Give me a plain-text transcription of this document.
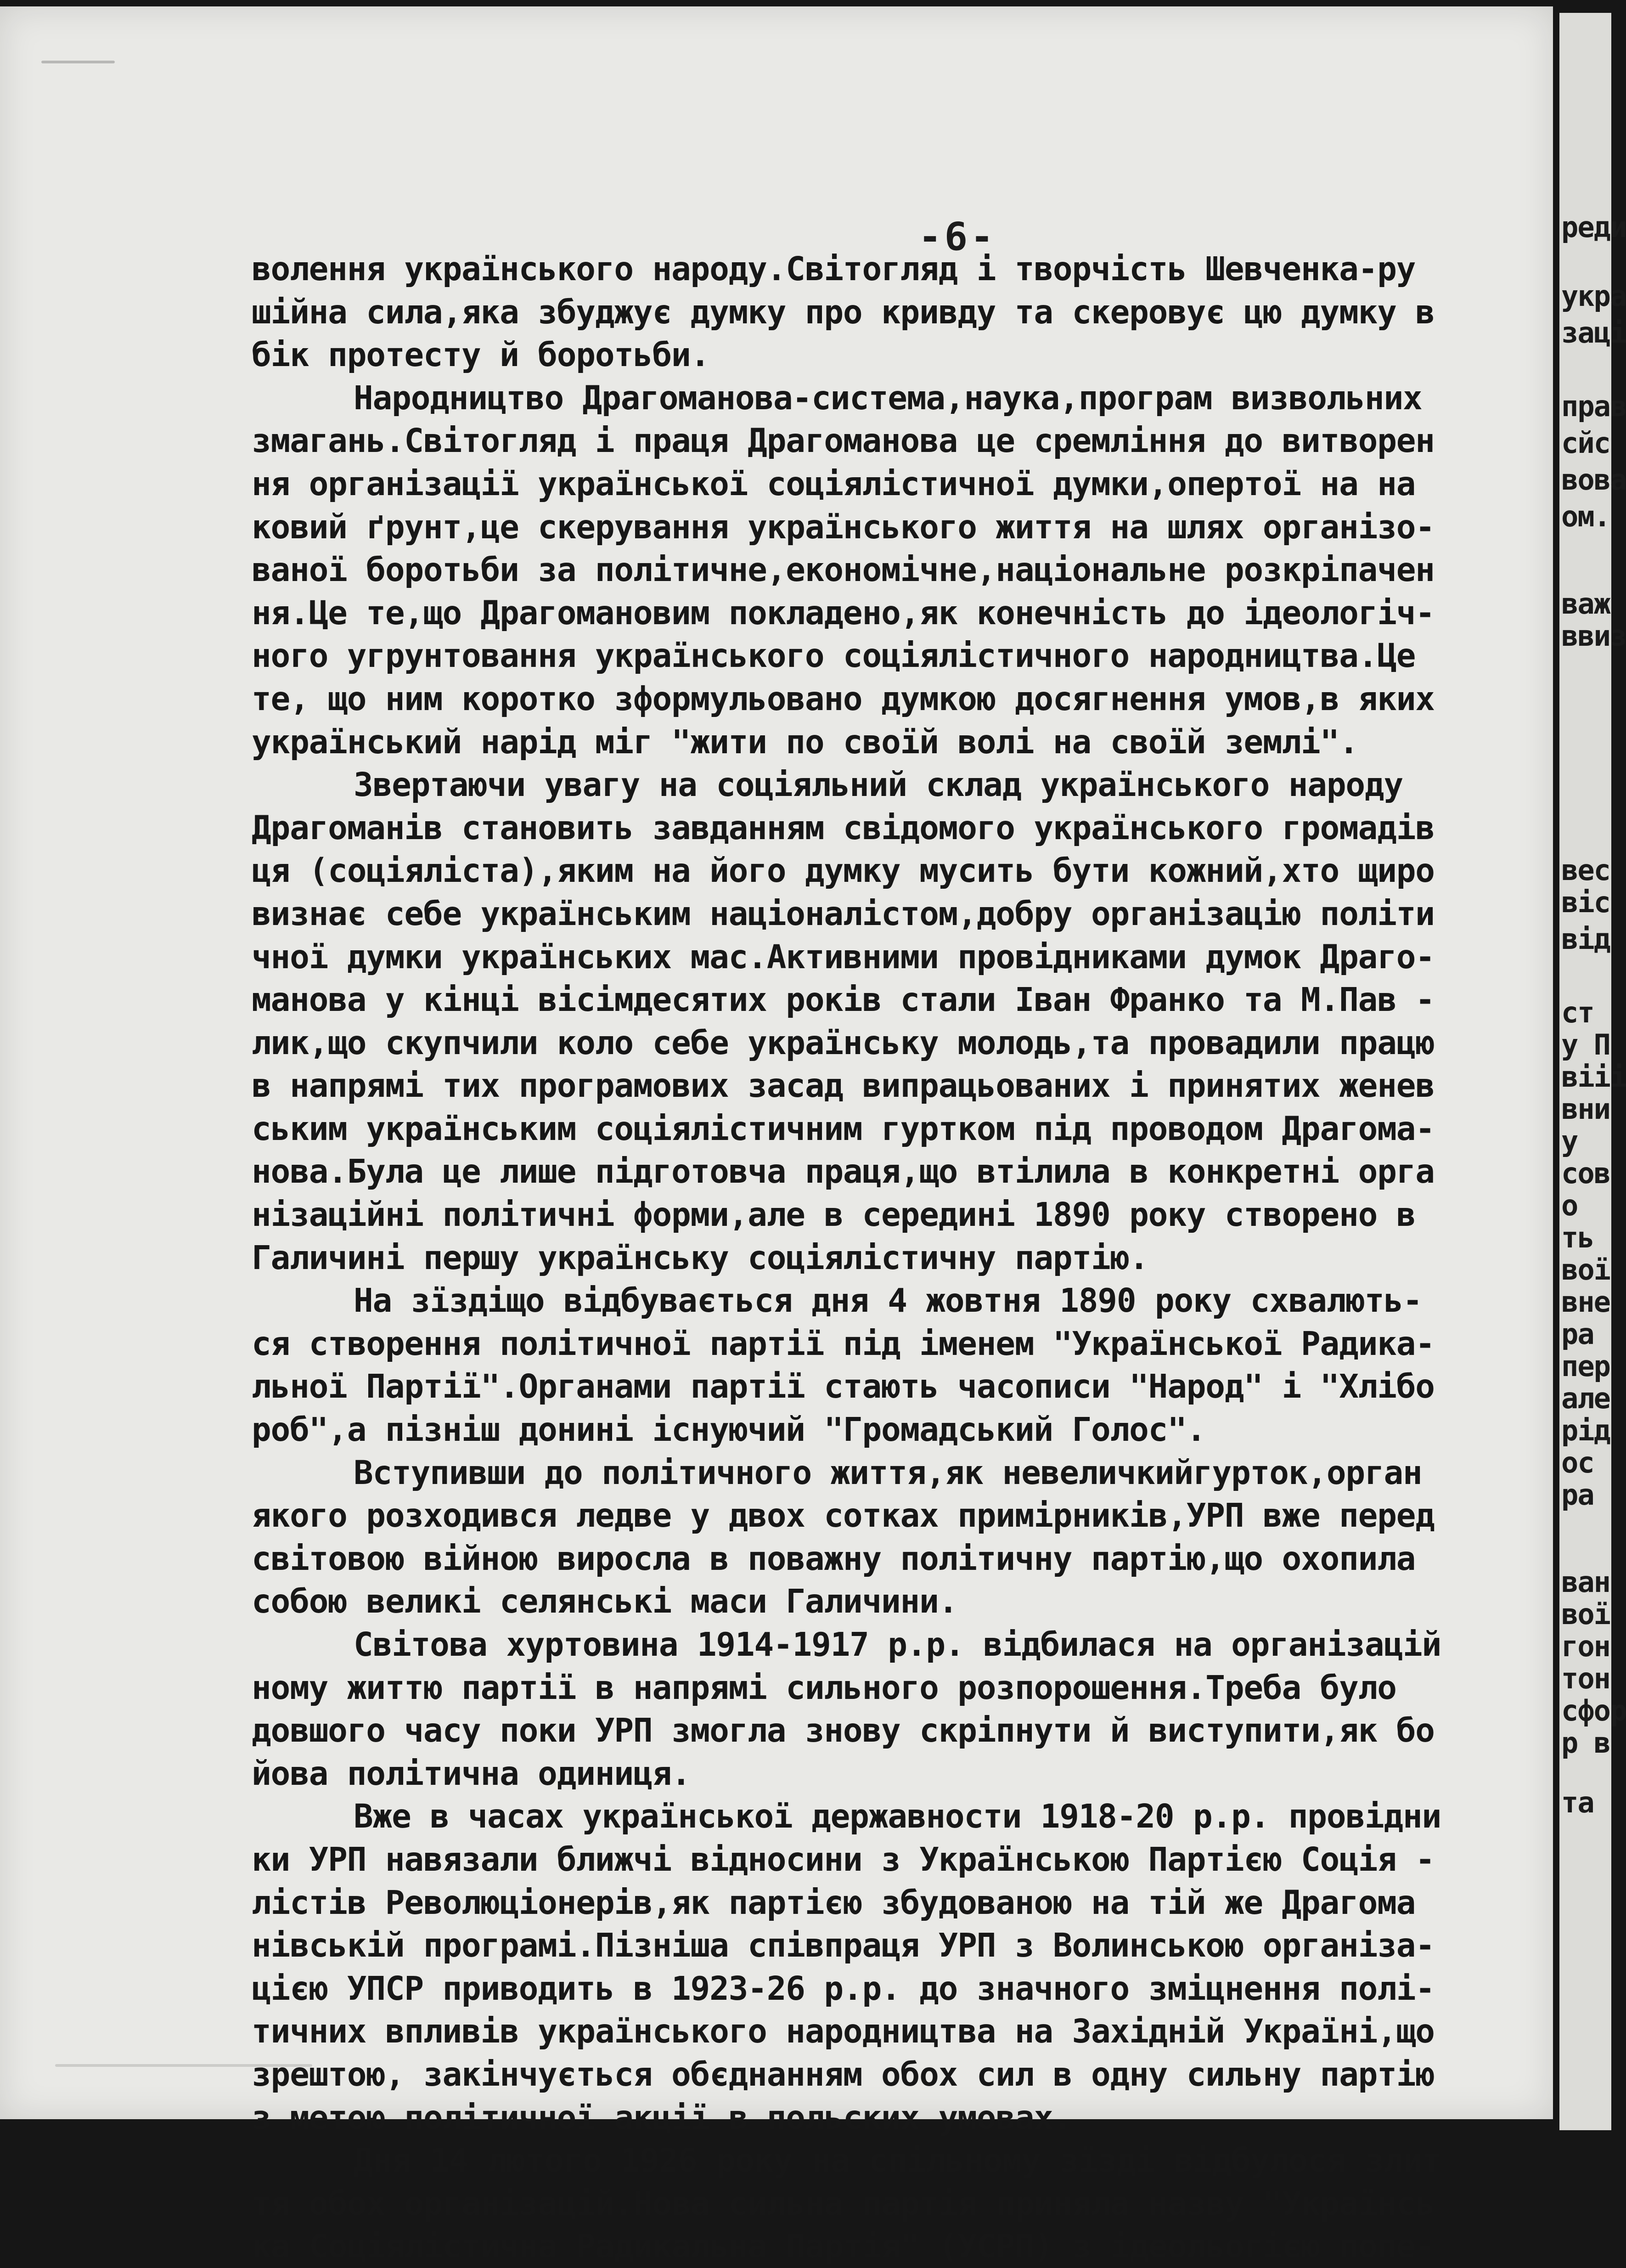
-6-
волення українського народу.Світогляд і творчість Шевченка-ру
шійна сила,яка збуджує думку про кривду та скеровує цю думку в
бік протесту й боротьби.
Народництво Драгоманова-система,наука,програм визвольних
змагань.Світогляд і праця Драгоманова це сремління до витворен
ня організації української соціялістичної думки,опертої на на
ковий ґрунт,це скерування українського життя на шлях організо-
ваної боротьби за політичне,економічне,національне розкріпачен
ня.Це те,що Драгомановим покладено,як конечність до ідеологіч-
ного угрунтовання українського соціялістичного народництва.Це
те, що ним коротко зформульовано думкою досягнення умов,в яких
український нарід міг "жити по своїй волі на своїй землі".
Звертаючи увагу на соціяльний склад українського народу
Драгоманів становить завданням свідомого українського громадів
ця (соціяліста),яким на його думку мусить бути кожний,хто щиро
визнає себе українським націоналістом,добру організацію політи
чної думки українських мас.Активними провідниками думок Драго-
манова у кінці вісімдесятих років стали Іван Франко та М.Пав -
лик,що скупчили коло себе українську молодь,та провадили працю
в напрямі тих програмових засад випрацьованих і принятих женев
ським українським соціялістичним гуртком під проводом Драгома-
нова.Була це лише підготовча праця,що втілила в конкретні орга
нізаційні політичні форми,але в середині 1890 року створено в
Галичині першу українську соціялістичну партію.
На зїздіщо відбувається дня 4 жовтня 1890 року схвалють-
ся створення політичної партії під іменем "Української Радика-
льної Партії".Органами партії стають часописи "Народ" і "Хлібо
роб",а пізніш донині існуючий "Громадський Голос".
Вступивши до політичного життя,як невеличкийгурток,орган
якого розходився ледве у двох сотках примірників,УРП вже перед
світовою війною виросла в поважну політичну партію,що охопила
собою великі селянські маси Галичини.
Світова хуртовина 1914-1917 р.р. відбилася на організацій
ному життю партії в напрямі сильного розпорошення.Треба було
довшого часу поки УРП змогла знову скріпнути й виступити,як бо
йова політична одиниця.
Вже в часах української державности 1918-20 р.р. провідни
ки УРП навязали ближчі відносини з Українською Партією Соція -
лістів Революціонерів,як партією збудованою на тій же Драгома
нівській програмі.Пізніша співпраця УРП з Волинською організа-
цією УПСР приводить в 1923-26 р.р. до значного зміцнення полі-
тичних впливів українського народництва на Західній Україні,що
зрештою, закінчується обєднанням обох сил в одну сильну партію
з метою політичної акції в польских умовах.
Дня 14 лютого 1926 року на спільному зїзді відбулося злит
тя обох організацій.Нова сильна партія приняла назву "Українсь
ка Соціялістична Радикальна Партія" (УСРП) з ідеольогією попе-
реди
укра
заці
прав
сйс
вова
ом.
важ
ввиз
вес
віс
від
ст
у П
вііі
вни
у
сов
о
ть
вої
вне
ра
пер
але
рід
ос
ра
ван
вої
гон
тон
сфор
р в
та
